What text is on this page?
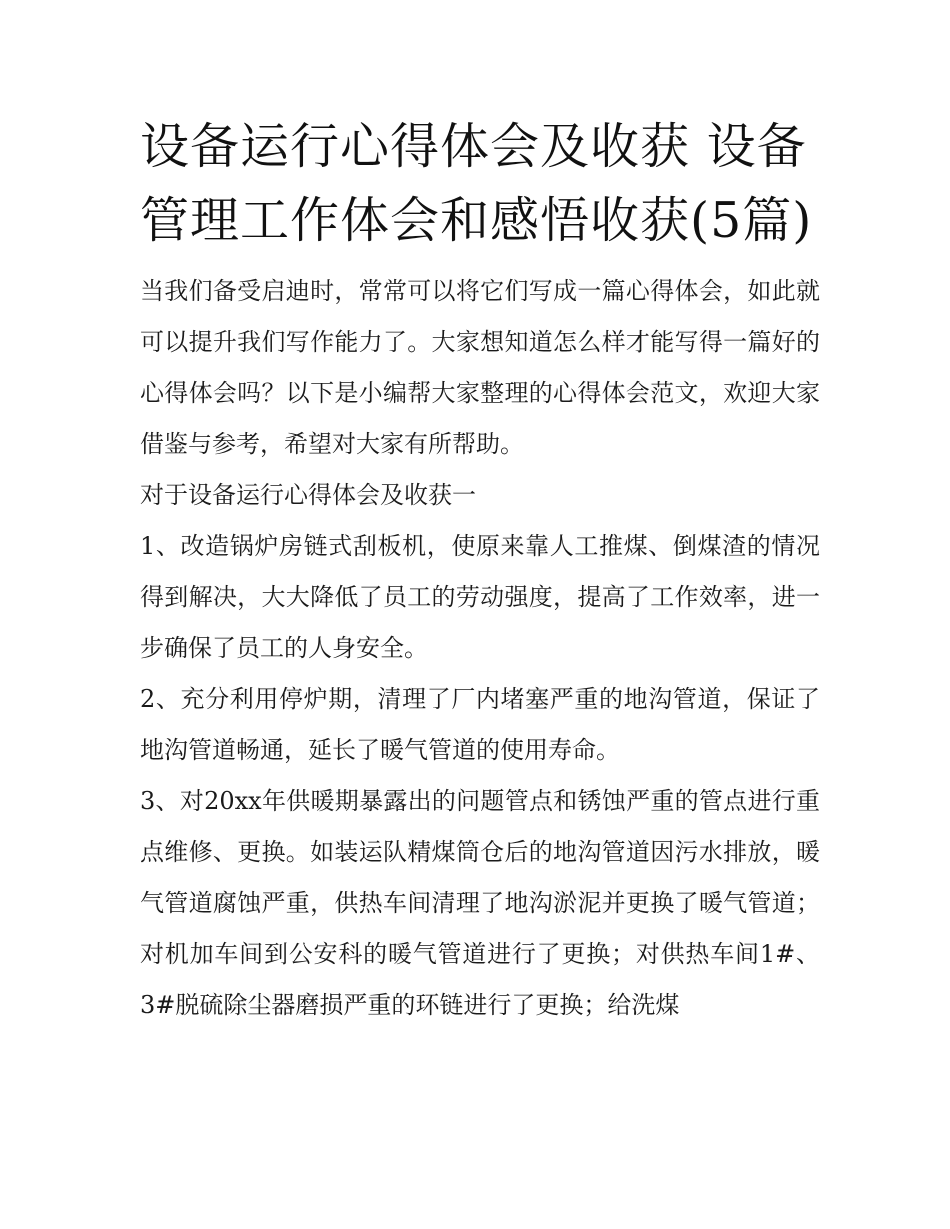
设备运行心得体会及收获 设备管理工作体会和感悟收获(5篇)

当我们备受启迪时，常常可以将它们写成一篇心得体会，如此就可以提升我们写作能力了。大家想知道怎么样才能写得一篇好的心得体会吗？以下是小编帮大家整理的心得体会范文，欢迎大家借鉴与参考，希望对大家有所帮助。

对于设备运行心得体会及收获一

1、改造锅炉房链式刮板机，使原来靠人工推煤、倒煤渣的情况得到解决，大大降低了员工的劳动强度，提高了工作效率，进一步确保了员工的人身安全。

2、充分利用停炉期，清理了厂内堵塞严重的地沟管道，保证了地沟管道畅通，延长了暖气管道的使用寿命。

3、对20xx年供暖期暴露出的问题管点和锈蚀严重的管点进行重点维修、更换。如装运队精煤筒仓后的地沟管道因污水排放，暖气管道腐蚀严重，供热车间清理了地沟淤泥并更换了暖气管道；对机加车间到公安科的暖气管道进行了更换；对供热车间1#、3#脱硫除尘器磨损严重的环链进行了更换；给洗煤
